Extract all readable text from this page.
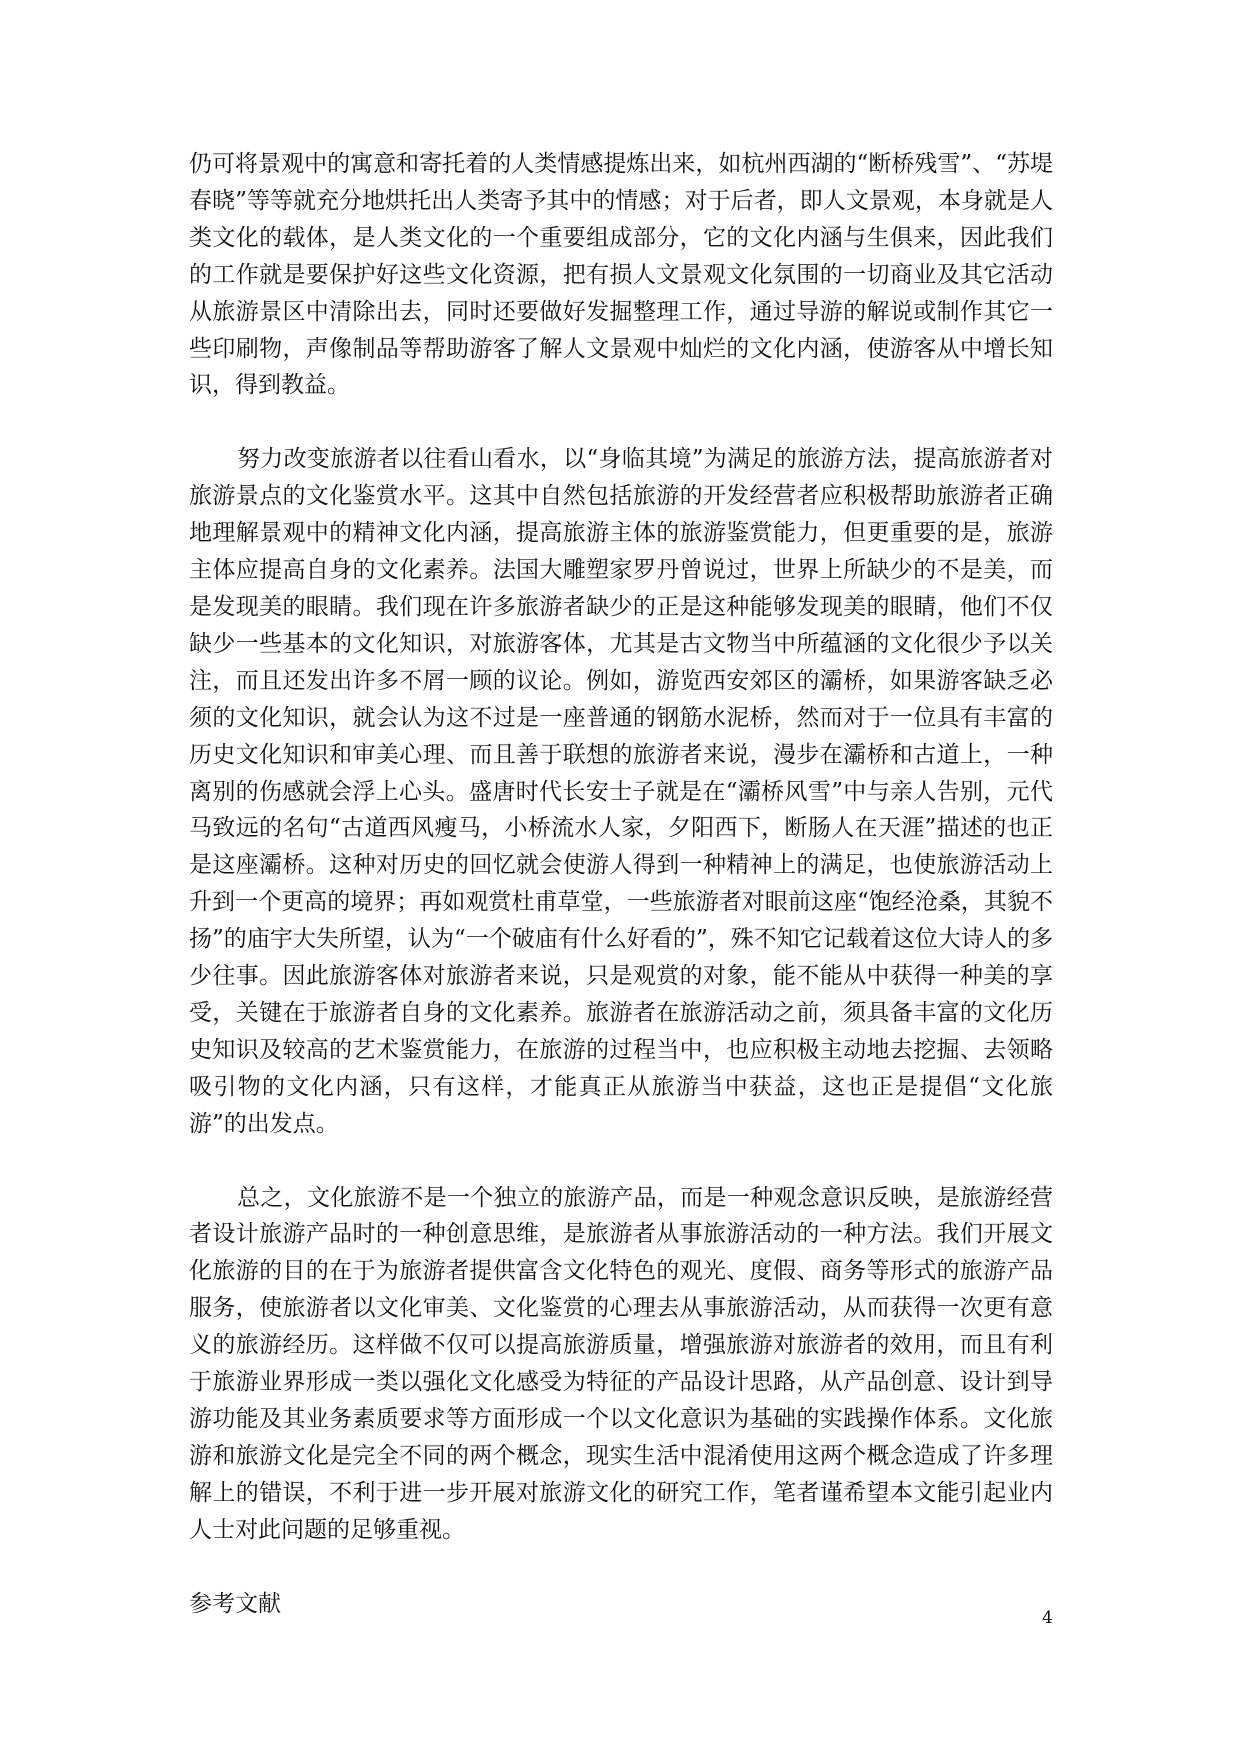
仍可将景观中的寓意和寄托着的人类情感提炼出来，如杭州西湖的“断桥残雪”、“苏堤春晓”等等就充分地烘托出人类寄予其中的情感；对于后者，即人文景观，本身就是人类文化的载体，是人类文化的一个重要组成部分，它的文化内涵与生俱来，因此我们的工作就是要保护好这些文化资源，把有损人文景观文化氛围的一切商业及其它活动从旅游景区中清除出去，同时还要做好发掘整理工作，通过导游的解说或制作其它一些印刷物，声像制品等帮助游客了解人文景观中灿烂的文化内涵，使游客从中增长知识，得到教益。

努力改变旅游者以往看山看水，以“身临其境”为满足的旅游方法，提高旅游者对旅游景点的文化鉴赏水平。这其中自然包括旅游的开发经营者应积极帮助旅游者正确地理解景观中的精神文化内涵，提高旅游主体的旅游鉴赏能力，但更重要的是，旅游主体应提高自身的文化素养。法国大雕塑家罗丹曾说过，世界上所缺少的不是美，而是发现美的眼睛。我们现在许多旅游者缺少的正是这种能够发现美的眼睛，他们不仅缺少一些基本的文化知识，对旅游客体，尤其是古文物当中所蕴涵的文化很少予以关注，而且还发出许多不屑一顾的议论。例如，游览西安郊区的灞桥，如果游客缺乏必须的文化知识，就会认为这不过是一座普通的钢筋水泥桥，然而对于一位具有丰富的历史文化知识和审美心理、而且善于联想的旅游者来说，漫步在灞桥和古道上，一种离别的伤感就会浮上心头。盛唐时代长安士子就是在“灞桥风雪”中与亲人告别，元代马致远的名句“古道西风瘦马，小桥流水人家，夕阳西下，断肠人在天涯”描述的也正是这座灞桥。这种对历史的回忆就会使游人得到一种精神上的满足，也使旅游活动上升到一个更高的境界；再如观赏杜甫草堂，一些旅游者对眼前这座“饱经沧桑，其貌不扬”的庙宇大失所望，认为“一个破庙有什么好看的”，殊不知它记载着这位大诗人的多少往事。因此旅游客体对旅游者来说，只是观赏的对象，能不能从中获得一种美的享受，关键在于旅游者自身的文化素养。旅游者在旅游活动之前，须具备丰富的文化历史知识及较高的艺术鉴赏能力，在旅游的过程当中，也应积极主动地去挖掘、去领略吸引物的文化内涵，只有这样，才能真正从旅游当中获益，这也正是提倡“文化旅游”的出发点。

总之，文化旅游不是一个独立的旅游产品，而是一种观念意识反映，是旅游经营者设计旅游产品时的一种创意思维，是旅游者从事旅游活动的一种方法。我们开展文化旅游的目的在于为旅游者提供富含文化特色的观光、度假、商务等形式的旅游产品服务，使旅游者以文化审美、文化鉴赏的心理去从事旅游活动，从而获得一次更有意义的旅游经历。这样做不仅可以提高旅游质量，增强旅游对旅游者的效用，而且有利于旅游业界形成一类以强化文化感受为特征的产品设计思路，从产品创意、设计到导游功能及其业务素质要求等方面形成一个以文化意识为基础的实践操作体系。文化旅游和旅游文化是完全不同的两个概念，现实生活中混淆使用这两个概念造成了许多理解上的错误，不利于进一步开展对旅游文化的研究工作，笔者谨希望本文能引起业内人士对此问题的足够重视。

参考文献

4
